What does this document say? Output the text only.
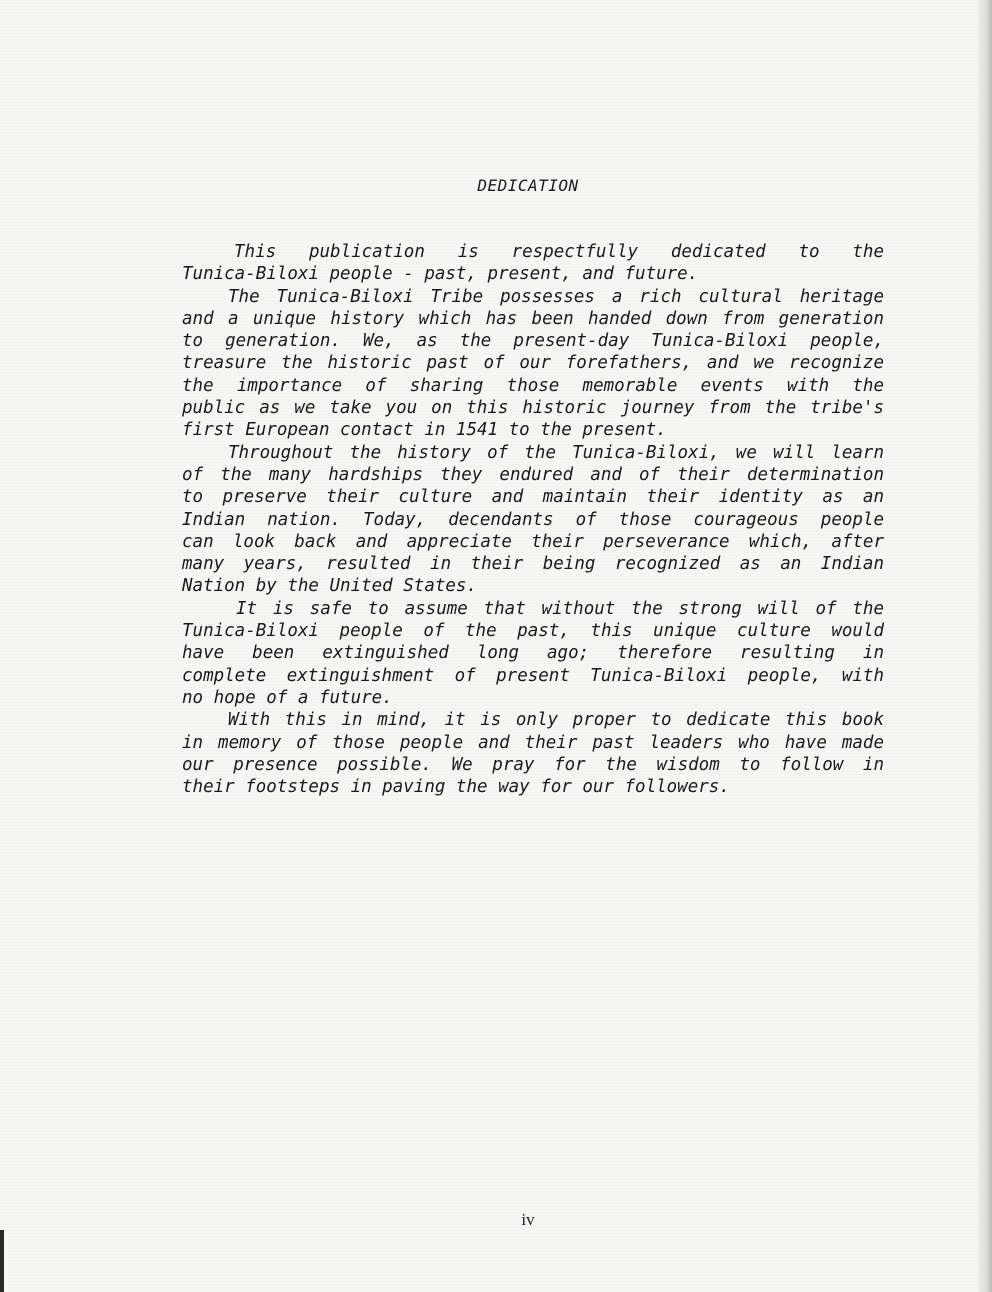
DEDICATION

This publication is respectfully dedicated to the
Tunica-Biloxi people - past, present, and future.

The Tunica-Biloxi Tribe possesses a rich cultural heritage
and a unique history which has been handed down from generation
to generation. We, as the present-day Tunica-Biloxi people,
treasure the historic past of our forefathers, and we recognize
the importance of sharing those memorable events with the
public as we take you on this historic journey from the tribe's
first European contact in 1541 to the present.

Throughout the history of the Tunica-Biloxi, we will learn
of the many hardships they endured and of their determination
to preserve their culture and maintain their identity as an
Indian nation. Today, decendants of those courageous people
can look back and appreciate their perseverance which, after
many years, resulted in their being recognized as an Indian
Nation by the United States.

It is safe to assume that without the strong will of the
Tunica-Biloxi people of the past, this unique culture would
have been extinguished long ago; therefore resulting in
complete extinguishment of present Tunica-Biloxi people, with
no hope of a future.

With this in mind, it is only proper to dedicate this book
in memory of those people and their past leaders who have made
our presence possible. We pray for the wisdom to follow in
their footsteps in paving the way for our followers.

iv
